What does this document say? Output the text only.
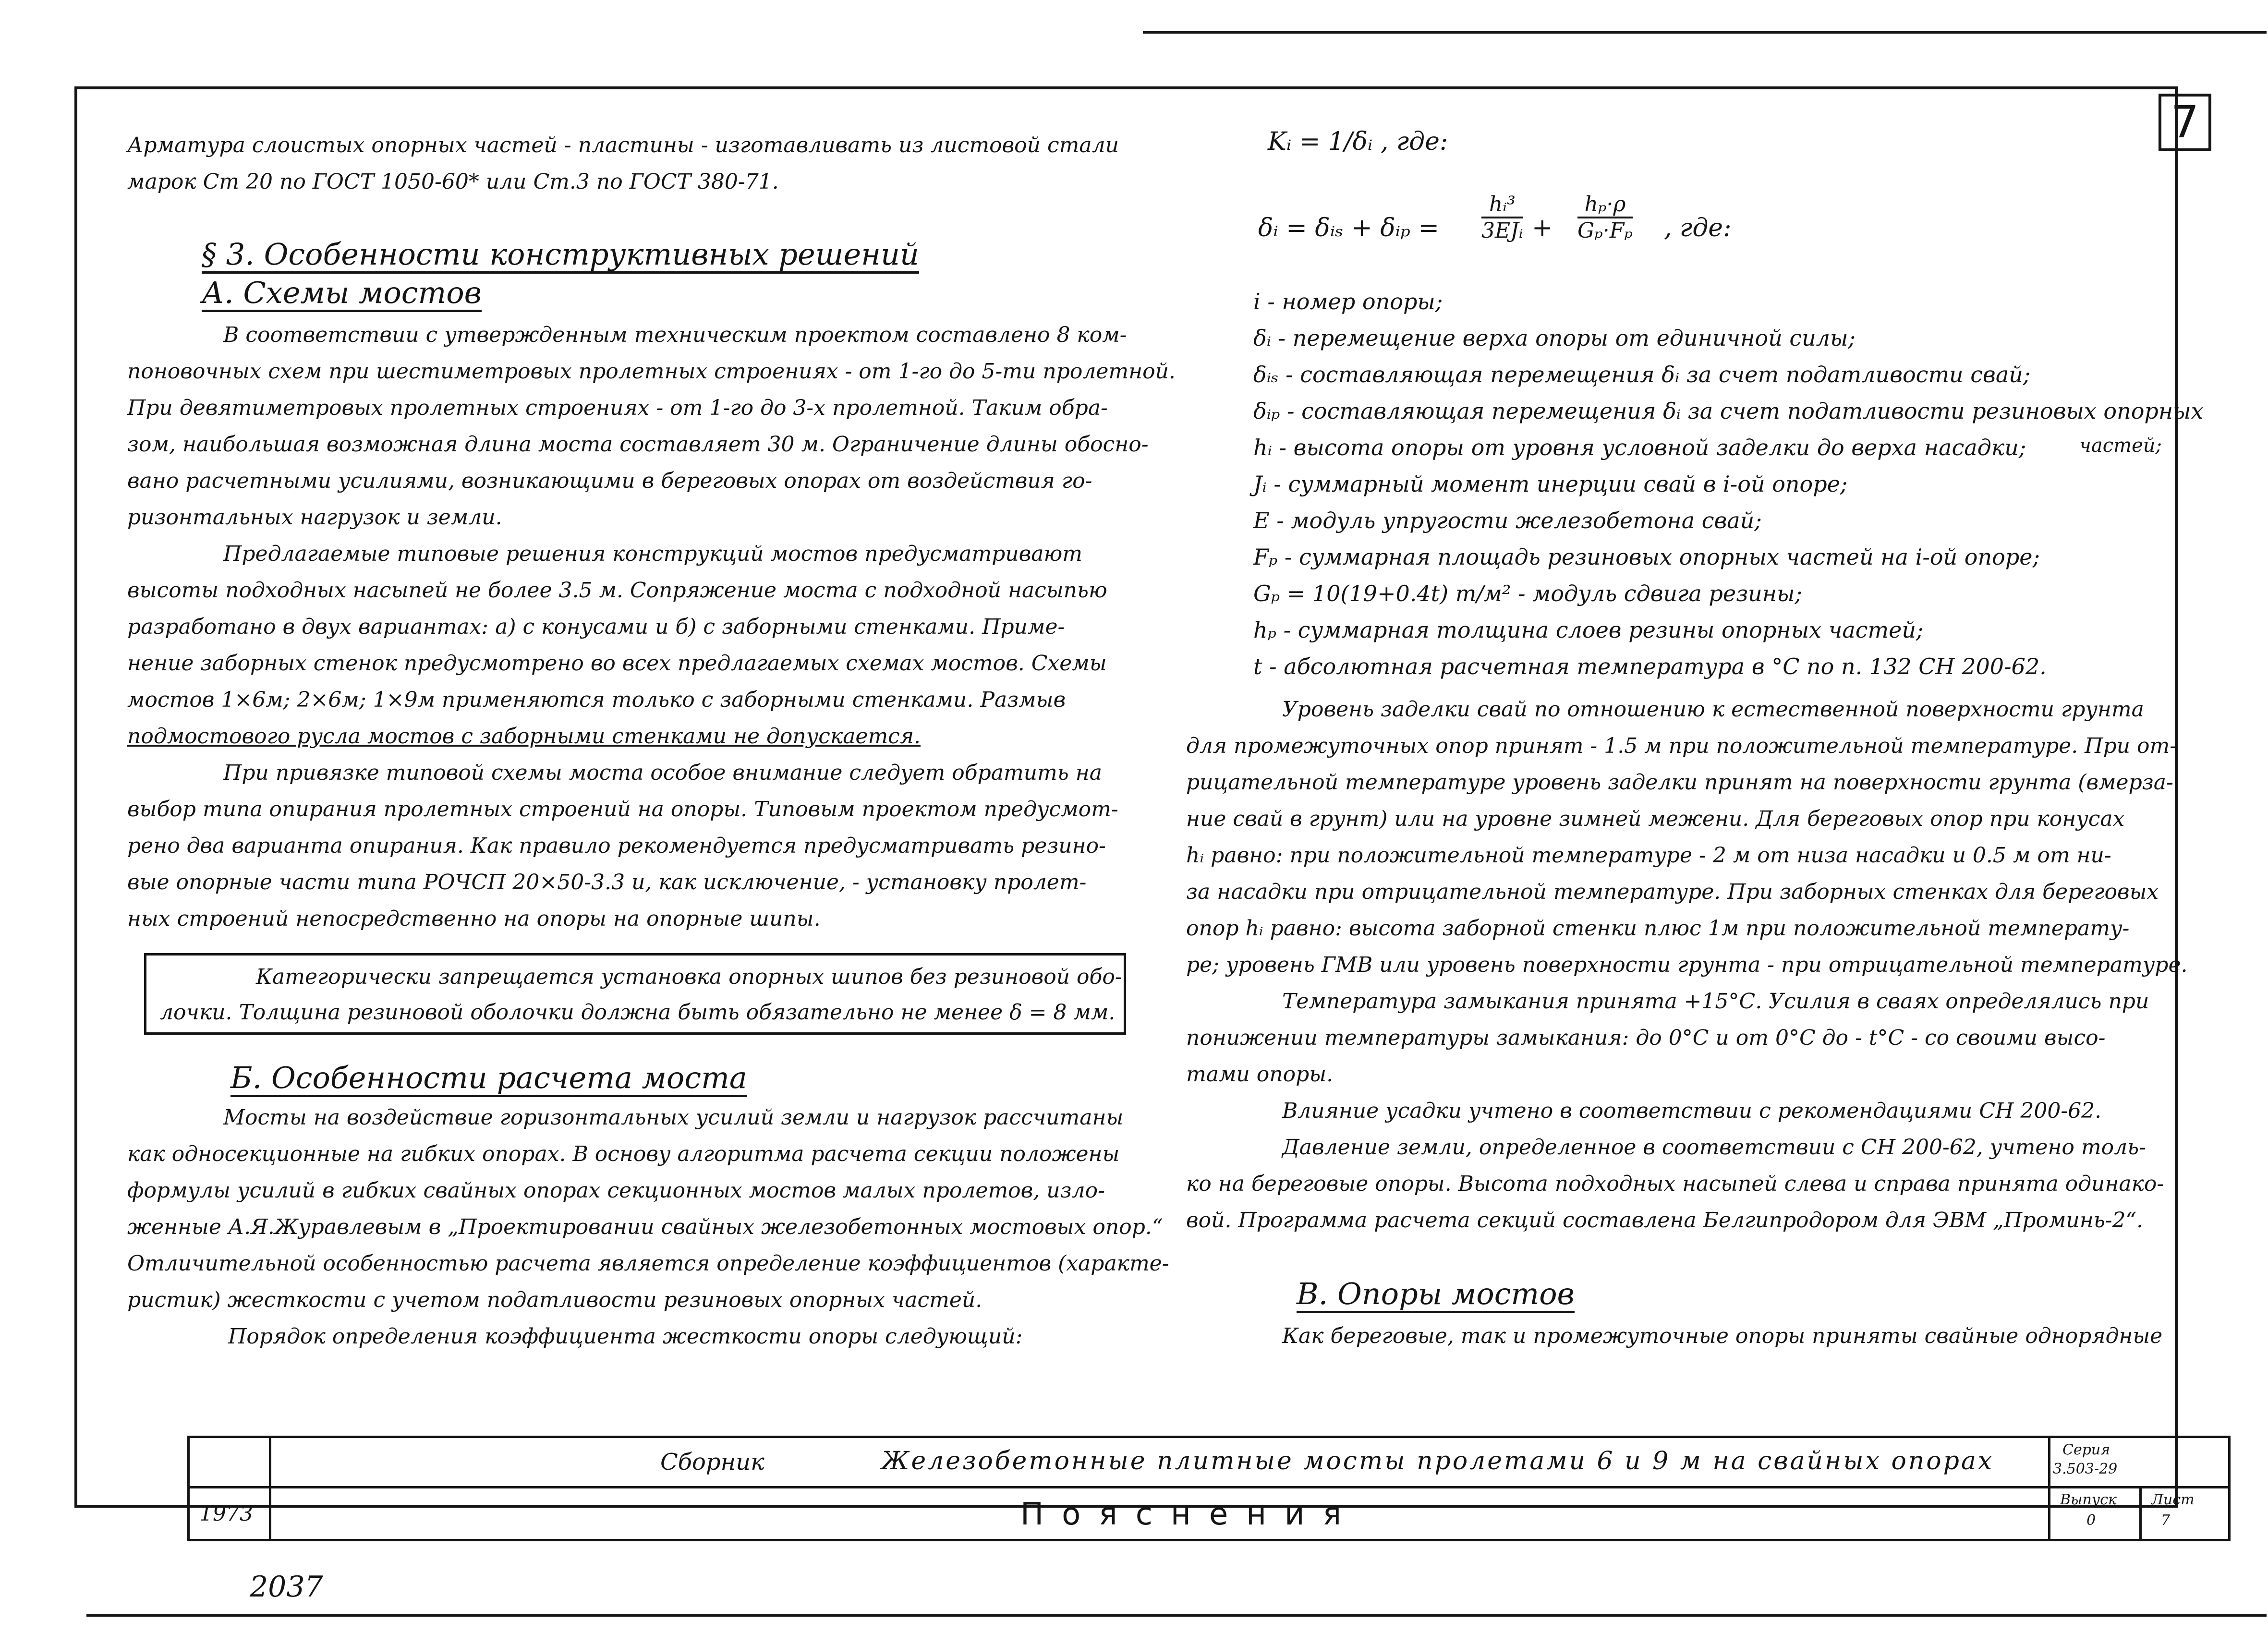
7

Арматура слоистых опорных частей - пластины - изготавливать из листовой стали

марок Ст 20 по ГОСТ 1050-60* или Ст.3 по ГОСТ 380-71.

§ 3. Особенности конструктивных решений
А. Схемы мостов

В соответствии с утвержденным техническим проектом составлено 8 ком-

поновочных схем при шестиметровых пролетных строениях - от 1-го до 5-ти пролетной.

При девятиметровых пролетных строениях - от 1-го до 3-х пролетной. Таким обра-

зом, наибольшая возможная длина моста составляет 30 м. Ограничение длины обосно-

вано расчетными усилиями, возникающими в береговых опорах от воздействия го-

ризонтальных нагрузок и земли.

Предлагаемые типовые решения конструкций мостов предусматривают

высоты подходных насыпей не более 3.5 м. Сопряжение моста с подходной насыпью

разработано в двух вариантах: а) с конусами и б) с заборными стенками. Приме-

нение заборных стенок предусмотрено во всех предлагаемых схемах мостов. Схемы

мостов 1×6м; 2×6м; 1×9м применяются только с заборными стенками. Размыв

подмостового русла мостов с заборными стенками не допускается.

При привязке типовой схемы моста особое внимание следует обратить на

выбор типа опирания пролетных строений на опоры. Типовым проектом предусмот-

рено два варианта опирания. Как правило рекомендуется предусматривать резино-

вые опорные части типа РОЧСП 20×50-3.3 и, как исключение, - установку пролет-

ных строений непосредственно на опоры на опорные шипы.

Категорически запрещается установка опорных шипов без резиновой обо-

лочки. Толщина резиновой оболочки должна быть обязательно не менее δ = 8 мм.

Б. Особенности расчета моста

Мосты на воздействие горизонтальных усилий земли и нагрузок рассчитаны

как односекционные на гибких опорах. В основу алгоритма расчета секции положены

формулы усилий в гибких свайных опорах секционных мостов малых пролетов, изло-

женные А.Я.Журавлевым в „Проектировании свайных железобетонных мостовых опор.“

Отличительной особенностью расчета является определение коэффициентов (характе-

ристик) жесткости с учетом податливости резиновых опорных частей.

Порядок определения коэффициента жесткости опоры следующий:

Kᵢ = 1/δᵢ , где:
δᵢ = δᵢₛ + δᵢₚ =
hᵢ³
3EJᵢ + $\frac{\text{hₚ·ρ}}{\text{Gₚ·Fₚ}}$ , где:

i - номер опоры;

δᵢ - перемещение верха опоры от единичной силы;

δᵢₛ - составляющая перемещения δᵢ за счет податливости свай;

δᵢₚ - составляющая перемещения δᵢ за счет податливости резиновых опорных

hᵢ - высота опоры от уровня условной заделки до верха насадки;

Jᵢ - суммарный момент инерции свай в i-ой опоре;

E - модуль упругости железобетона свай;

Fₚ - суммарная площадь резиновых опорных частей на i-ой опоре;

Gₚ = 10(19+0.4t) т/м² - модуль сдвига резины;

hₚ - суммарная толщина слоев резины опорных частей;

t - абсолютная расчетная температура в °С по п. 132 СН 200-62.

частей;

Уровень заделки свай по отношению к естественной поверхности грунта

для промежуточных опор принят - 1.5 м при положительной температуре. При от-

рицательной температуре уровень заделки принят на поверхности грунта (вмерза-

ние свай в грунт) или на уровне зимней межени. Для береговых опор при конусах

hᵢ равно: при положительной температуре - 2 м от низа насадки и 0.5 м от ни-

за насадки при отрицательной температуре. При заборных стенках для береговых

опор hᵢ равно: высота заборной стенки плюс 1м при положительной температу-

ре; уровень ГМВ или уровень поверхности грунта - при отрицательной температуре.

Температура замыкания принята +15°С. Усилия в сваях определялись при

понижении температуры замыкания: до 0°С и от 0°С до - t°С - со своими высо-

тами опоры.

Влияние усадки учтено в соответствии с рекомендациями СН 200-62.

Давление земли, определенное в соответствии с СН 200-62, учтено толь-

ко на береговые опоры. Высота подходных насыпей слева и справа принята одинако-

вой. Программа расчета секций составлена Белгипродором для ЭВМ „Проминь-2“.

В. Опоры мостов

Как береговые, так и промежуточные опоры приняты свайные однорядные

Сборник	Железобетонные плитные мосты пролетами 6 и 9 м на свайных опорах	Серия
3.503-29
1973	Пояснения	Выпуск
0
Лист
7
2037
